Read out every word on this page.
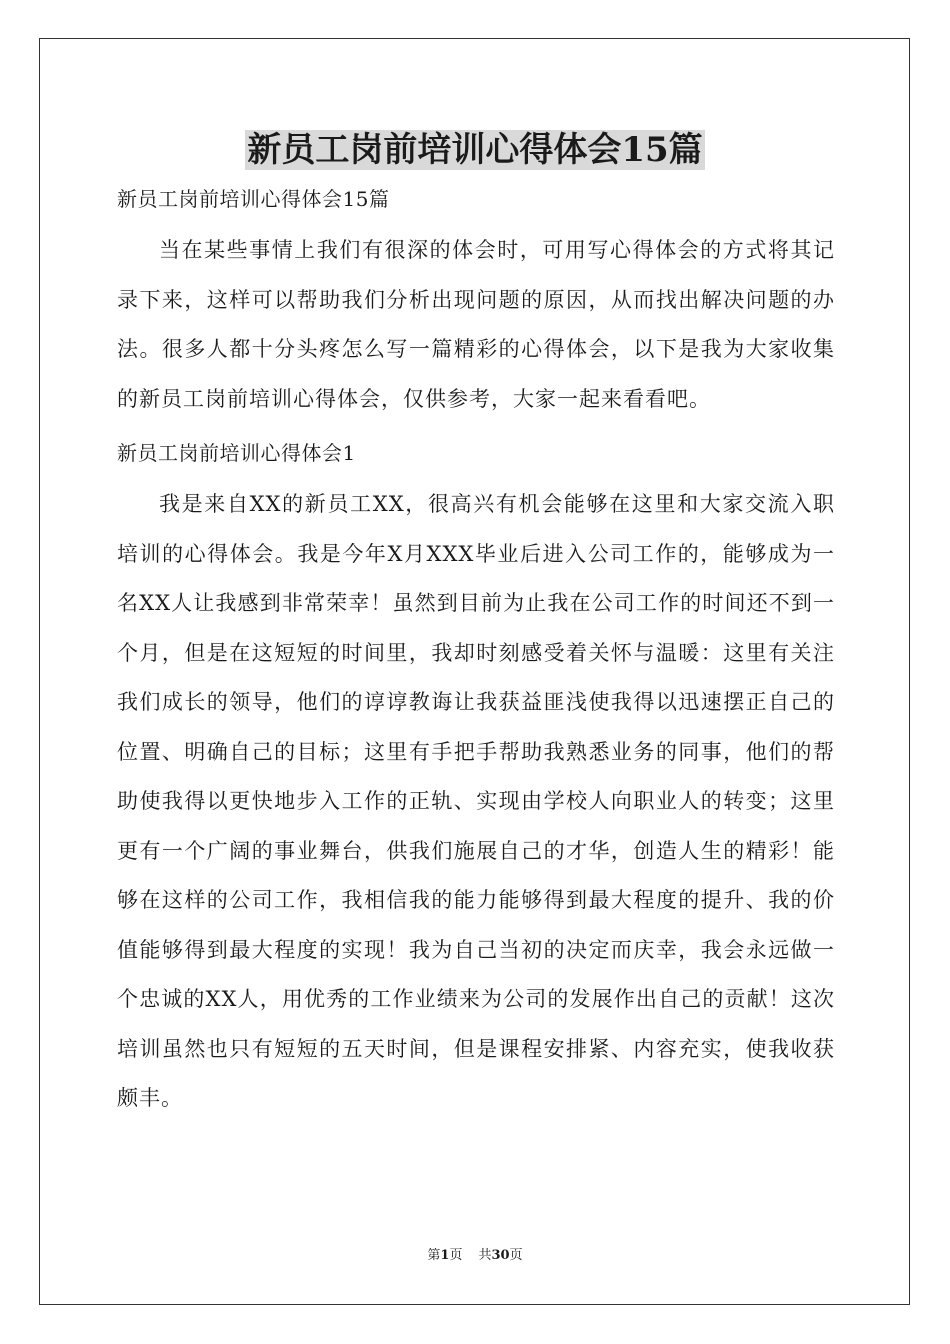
新员工岗前培训心得体会15篇

新员工岗前培训心得体会15篇

当在某些事情上我们有很深的体会时，可用写心得体会的方式将其记录下来，这样可以帮助我们分析出现问题的原因，从而找出解决问题的办法。很多人都十分头疼怎么写一篇精彩的心得体会，以下是我为大家收集的新员工岗前培训心得体会，仅供参考，大家一起来看看吧。

新员工岗前培训心得体会1

我是来自XX的新员工XX，很高兴有机会能够在这里和大家交流入职培训的心得体会。我是今年X月XXX毕业后进入公司工作的，能够成为一名XX人让我感到非常荣幸！虽然到目前为止我在公司工作的时间还不到一个月，但是在这短短的时间里，我却时刻感受着关怀与温暖：这里有关注我们成长的领导，他们的谆谆教诲让我获益匪浅使我得以迅速摆正自己的位置、明确自己的目标；这里有手把手帮助我熟悉业务的同事，他们的帮助使我得以更快地步入工作的正轨、实现由学校人向职业人的转变；这里更有一个广阔的事业舞台，供我们施展自己的才华，创造人生的精彩！能够在这样的公司工作，我相信我的能力能够得到最大程度的提升、我的价值能够得到最大程度的实现！我为自己当初的决定而庆幸，我会永远做一个忠诚的XX人，用优秀的工作业绩来为公司的发展作出自己的贡献！这次培训虽然也只有短短的五天时间，但是课程安排紧、内容充实，使我收获颇丰。

第1页 共30页
